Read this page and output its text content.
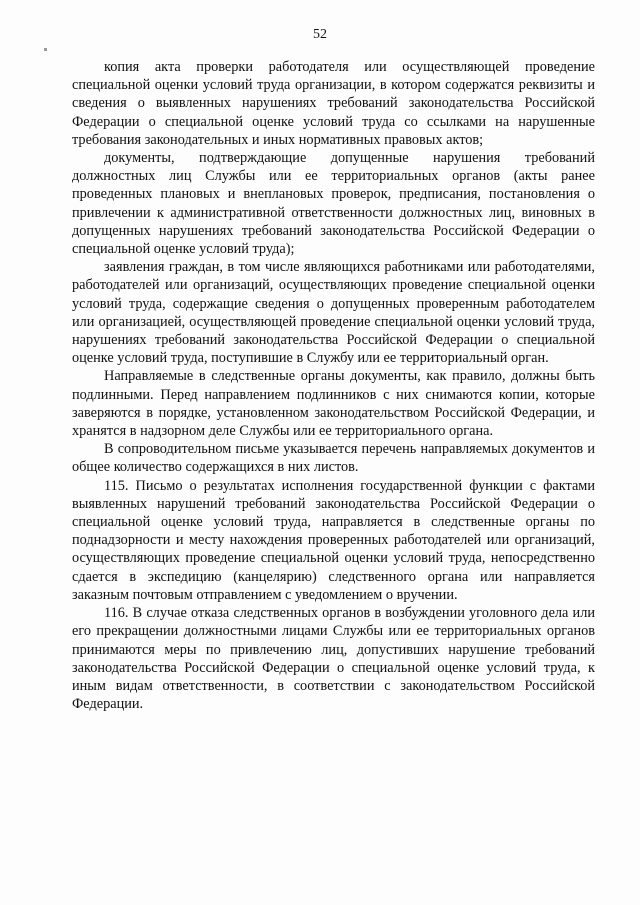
52

копия акта проверки работодателя или осуществляющей проведение специальной оценки условий труда организации, в котором содержатся реквизиты и сведения о выявленных нарушениях требований законодательства Российской Федерации о специальной оценке условий труда со ссылками на нарушенные требования законодательных и иных нормативных правовых актов;

документы, подтверждающие допущенные нарушения требований должностных лиц Службы или ее территориальных органов (акты ранее проведенных плановых и внеплановых проверок, предписания, постановления о привлечении к административной ответственности должностных лиц, виновных в допущенных нарушениях требований законодательства Российской Федерации о специальной оценке условий труда);

заявления граждан, в том числе являющихся работниками или работодателями, работодателей или организаций, осуществляющих проведение специальной оценки условий труда, содержащие сведения о допущенных проверенным работодателем или организацией, осуществляющей проведение специальной оценки условий труда, нарушениях требований законодательства Российской Федерации о специальной оценке условий труда, поступившие в Службу или ее территориальный орган.

Направляемые в следственные органы документы, как правило, должны быть подлинными. Перед направлением подлинников с них снимаются копии, которые заверяются в порядке, установленном законодательством Российской Федерации, и хранятся в надзорном деле Службы или ее территориального органа.

В сопроводительном письме указывается перечень направляемых документов и общее количество содержащихся в них листов.

115. Письмо о результатах исполнения государственной функции с фактами выявленных нарушений требований законодательства Российской Федерации о специальной оценке условий труда, направляется в следственные органы по поднадзорности и месту нахождения проверенных работодателей или организаций, осуществляющих проведение специальной оценки условий труда, непосредственно сдается в экспедицию (канцелярию) следственного органа или направляется заказным почтовым отправлением с уведомлением о вручении.

116. В случае отказа следственных органов в возбуждении уголовного дела или его прекращении должностными лицами Службы или ее территориальных органов принимаются меры по привлечению лиц, допустивших нарушение требований законодательства Российской Федерации о специальной оценке условий труда, к иным видам ответственности, в соответствии с законодательством Российской Федерации.
